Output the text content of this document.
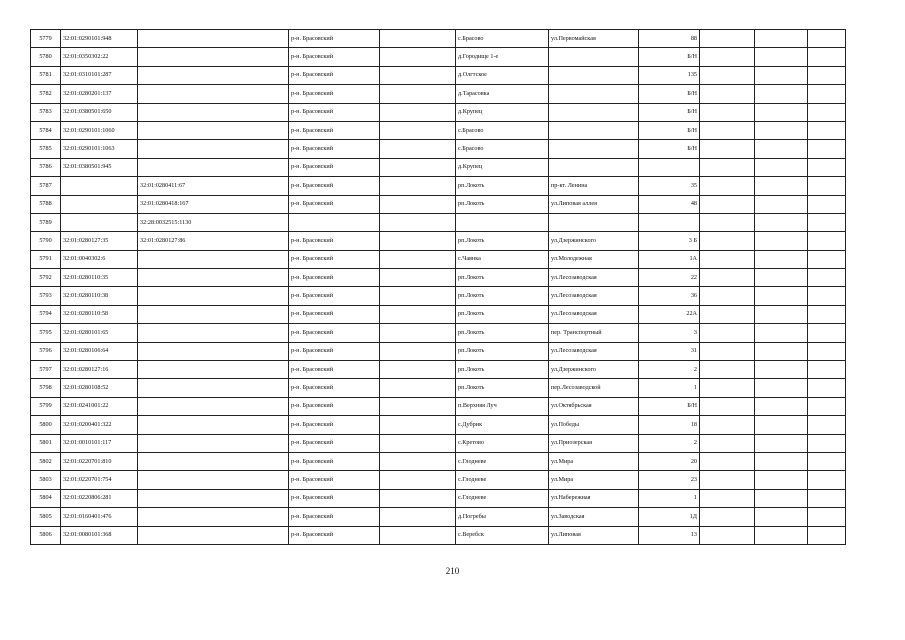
5779	32:01:0290101:948		р-н. Брасовский		с.Брасово	ул.Первомайская	88			
5780	32:01:0350302:22		р-н. Брасовский		д.Городище 1-е		Б/Н			
5781	32:01:0310101:287		р-н. Брасовский		д.Олгтское		135			
5782	32:01:0280201:137		р-н. Брасовский		д.Тарасовка		Б/Н			
5783	32:01:0380501:650		р-н. Брасовский		д.Крупец		Б/Н			
5784	32:01:0290101:1060		р-н. Брасовский		с.Брасово		Б/Н			
5785	32:01:0290101:1063		р-н. Брасовский		с.Брасово		Б/Н			
5786	32:01:0380501:945		р-н. Брасовский		д.Крупец					
5787		32:01:0280411:67	р-н. Брасовский		рп.Локоть	пр-кт. Ленина	35			
5788		32:01:0280418:167	р-н. Брасовский		рп.Локоть	ул.Липовая аллея	48			
5789		32:28:0032515:1130								
5790	32:01:0280127:35	32:01:0280127:86	р-н. Брасовский		рп.Локоть	ул.Дзержинского	3 Б			
5791	32:01:0040302:6		р-н. Брасовский		с.Чаянка	ул.Молодежная	1А			
5792	32:01:0280110:35		р-н. Брасовский		рп.Локоть	ул.Лесозаводская	22			
5793	32:01:0280110:38		р-н. Брасовский		рп.Локоть	ул.Лесозаводская	36			
5794	32:01:0280110:58		р-н. Брасовский		рп.Локоть	ул.Лесозаводская	22А			
5795	32:01:0280101:65		р-н. Брасовский		рп.Локоть	пер. Транспортный	3			
5796	32:01:0280106:64		р-н. Брасовский		рп.Локоть	ул.Лесозаводская	31			
5797	32:01:0280127:16		р-н. Брасовский		рп.Локоть	ул.Дзержинского	2			
5798	32:01:0280108:52		р-н. Брасовский		рп.Локоть	пер.Лесозаводской	1			
5799	32:01:0241001:22		р-н. Брасовский		п.Верхняя Луч	ул.Октябрьская	Б/Н			
5800	32:01:0200401:322		р-н. Брасовский		с.Дубрик	ул.Победы	18			
5801	32:01:0010101:117		р-н. Брасовский		с.Кретово	ул.Приозерская	2			
5802	32:01:0220701:810		р-н. Брасовский		с.Глодневе	ул.Мира	20			
5803	32:01:0220701:754		р-н. Брасовский		с.Глодневе	ул.Мира	23			
5804	32:01:0220806:281		р-н. Брасовский		с.Глодневе	ул.Набережная	1			
5805	32:01:0160401:476		р-н. Брасовский		д.Погребы	ул.Заводская	1Д			
5806	32:01:0080101:368		р-н. Брасовский		с.Веребск	ул.Липовая	13			
210
